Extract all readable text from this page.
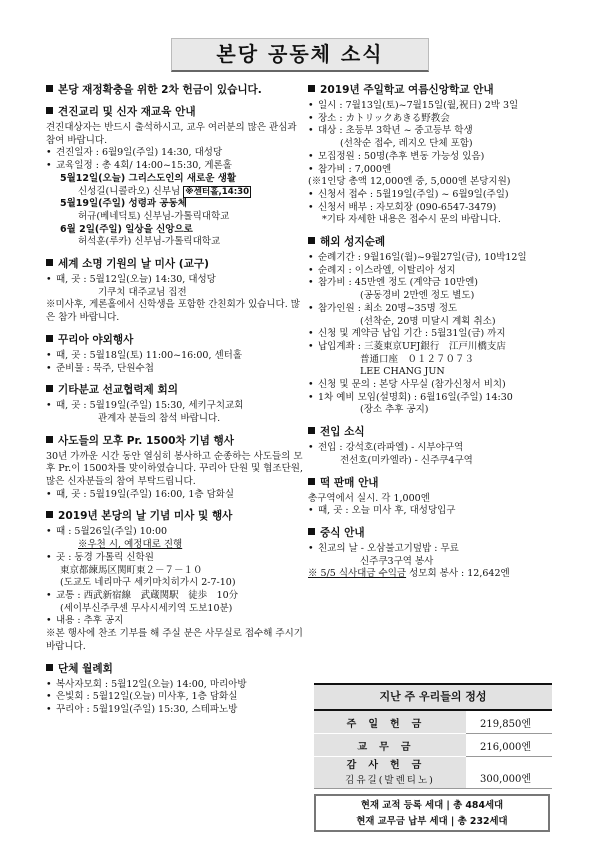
본당 공동체 소식
본당 재정확충을 위한 2차 헌금이 있습니다.
견진교리 및 신자 재교육 안내
견진대상자는 반드시 출석하시고, 교우 여러분의 많은 관심과 참여 바랍니다.
• 견진일자 : 6월9일(주일) 14:30, 대성당
• 교육일정 : 총 4회/ 14:00~15:30, 게론홀
5월12일(오늘) 그리스도인의 새로운 생활
신성길(니콜라오) 신부님 ※센터홀,14:30
5월19일(주일) 성령과 공동체
허규(베네딕토) 신부님-가톨릭대학교
6월 2일(주일) 일상을 신앙으로
허석훈(루카) 신부님-가톨릭대학교
세계 소명 기원의 날 미사 (교구)
• 때, 곳 : 5월12일(오늘) 14:30, 대성당
기쿠치 대주교님 집전
※미사후, 게론홀에서 신학생을 포함한 간친회가 있습니다. 많은 참가 바랍니다.
꾸리아 야외행사
• 때, 곳 : 5월18일(토) 11:00~16:00, 센터홀
• 준비물 : 묵주, 단원수첩
기타분교 선교협력제 회의
• 때, 곳 : 5월19일(주일) 15:30, 세키구치교회
관계자 분들의 참석 바랍니다.
사도들의 모후 Pr. 1500차 기념 행사
30년 가까운 시간 동안 열심히 봉사하고 순종하는 사도들의 모후 Pr.이 1500차를 맞이하였습니다. 꾸리아 단원 및 협조단원, 많은 신자분들의 참여 부탁드립니다.
• 때, 곳 : 5월19일(주일) 16:00, 1층 담화실
2019년 본당의 날 기념 미사 및 행사
• 때 : 5월26일(주일) 10:00
※우천 시, 예정대로 진행
• 곳 : 동경 가톨릭 신학원
東京都練馬区関町東２－７－１０
(도교도 네리마구 세키마치히가시 2-7-10)
• 교통 : 西武新宿線　武蔵関駅　徒歩　10分
(세이부신주쿠센 무사시세키역 도보10분)
• 내용 : 추후 공지
※본 행사에 찬조 기부를 해 주실 분은 사무실로 접수해 주시기 바랍니다.
단체 월례회
• 복사자모회 : 5월12일(오늘) 14:00, 마리아방
• 은빛회 : 5월12일(오늘) 미사후, 1층 담화실
• 꾸리아 : 5월19일(주일) 15:30, 스테파노방
2019년 주일학교 여름신앙학교 안내
• 일시 : 7월13일(토)~7월15일(월,祝日) 2박 3일
• 장소 : カトリックあきる野教会
• 대상 : 초등부 3학년 ~ 중고등부 학생
(선착순 접수, 레지오 단체 포함)
• 모집정원 : 50명(추후 변동 가능성 있음)
• 참가비 : 7,000엔
(※1인당 총액 12,000엔 중, 5,000엔 본당지원)
• 신청서 접수 : 5월19일(주일) ~ 6월9일(주일)
• 신청서 배부 : 자모회장 (090-6547-3479)
*기타 자세한 내용은 접수시 문의 바랍니다.
해외 성지순례
• 순례기간 : 9월16일(월)~9월27일(금), 10박12일
• 순례지 : 이스라엘, 이탈리아 성지
• 참가비 : 45만엔 정도 (계약금 10만엔)
(공동경비 2만엔 정도 별도)
• 참가인원 : 최소 20명~35명 정도
(선착순, 20명 미달시 계획 취소)
• 신청 및 계약금 납입 기간 : 5월31일(금) 까지
• 납입계좌 : 三菱東京UFJ銀行　江戸川橋支店
普通口座　０１２７０７３
LEE CHANG JUN
• 신청 및 문의 : 본당 사무실 (참가신청서 비치)
• 1차 예비 모임(설명회) : 6월16일(주일) 14:30
(장소 추후 공지)
전입 소식
• 전입 : 강석호(라파엘) - 시부야구역
전선호(미카엘라) - 신주쿠4구역
떡 판매 안내
총구역에서 실시. 각 1,000엔
• 때, 곳 : 오늘 미사 후, 대성당입구
중식 안내
• 친교의 날 - 오삼불고기덮밥 : 무료
신주쿠3구역 봉사
※ 5/5 식사대금 수익금 성모회 봉사 : 12,642엔
지난 주 우리들의 정성
주일헌금	219,850엔
교무금	216,000엔

감사헌금
김유길(발렌티노)	300,000엔
현재 교적 등록 세대 | 총 484세대
현재 교무금 납부 세대 | 총 232세대
